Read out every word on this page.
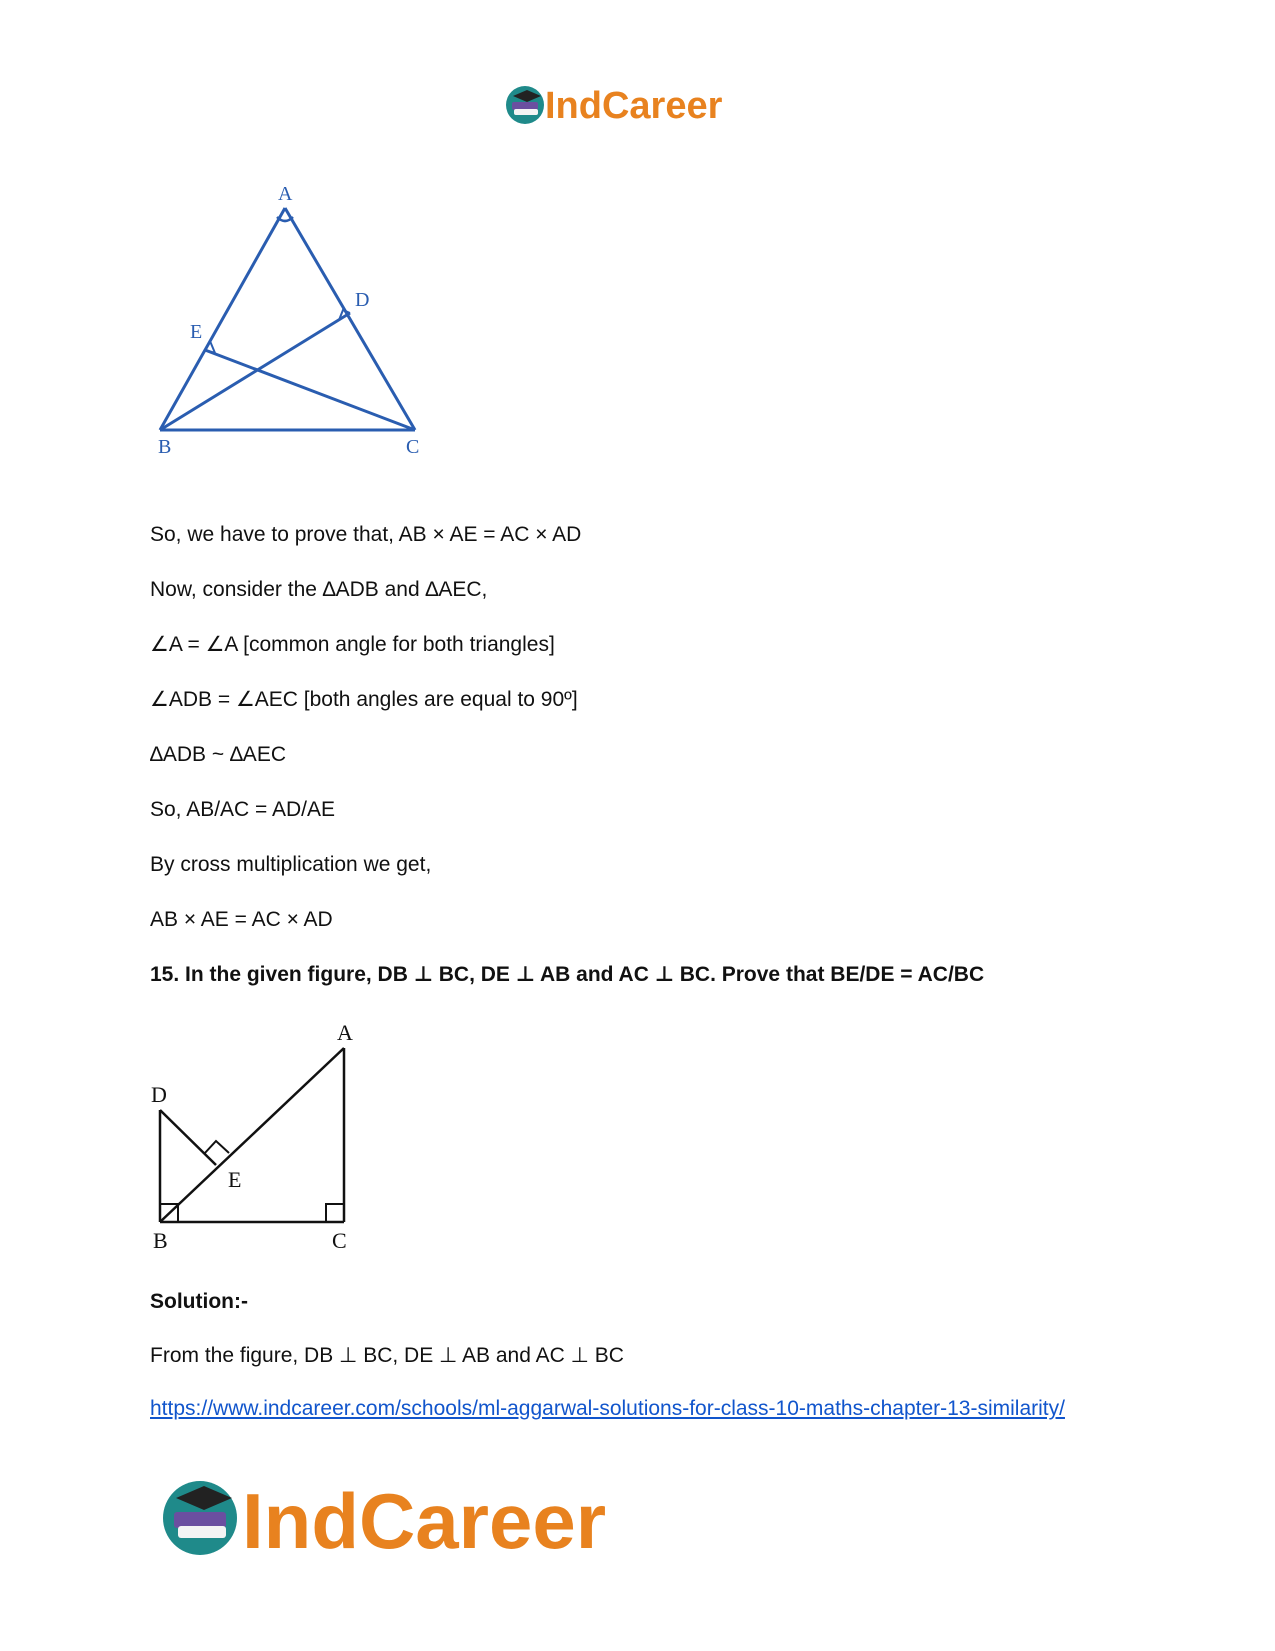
IndCareer
A
D
E
B	C
So, we have to prove that, AB × AE = AC × AD
Now, consider the ∆ADB and ∆AEC,
∠A = ∠A [common angle for both triangles]
∠ADB = ∠AEC [both angles are equal to 90º]
∆ADB ~ ∆AEC
So, AB/AC = AD/AE
By cross multiplication we get,
AB × AE = AC × AD
15. In the given figure, DB ⊥ BC, DE ⊥ AB and AC ⊥ BC. Prove that BE/DE = AC/BC
A
D
E
B	C
Solution:-
From the figure, DB ⊥ BC, DE ⊥ AB and AC ⊥ BC
https://www.indcareer.com/schools/ml-aggarwal-solutions-for-class-10-maths-chapter-13-similarity/
IndCareer
